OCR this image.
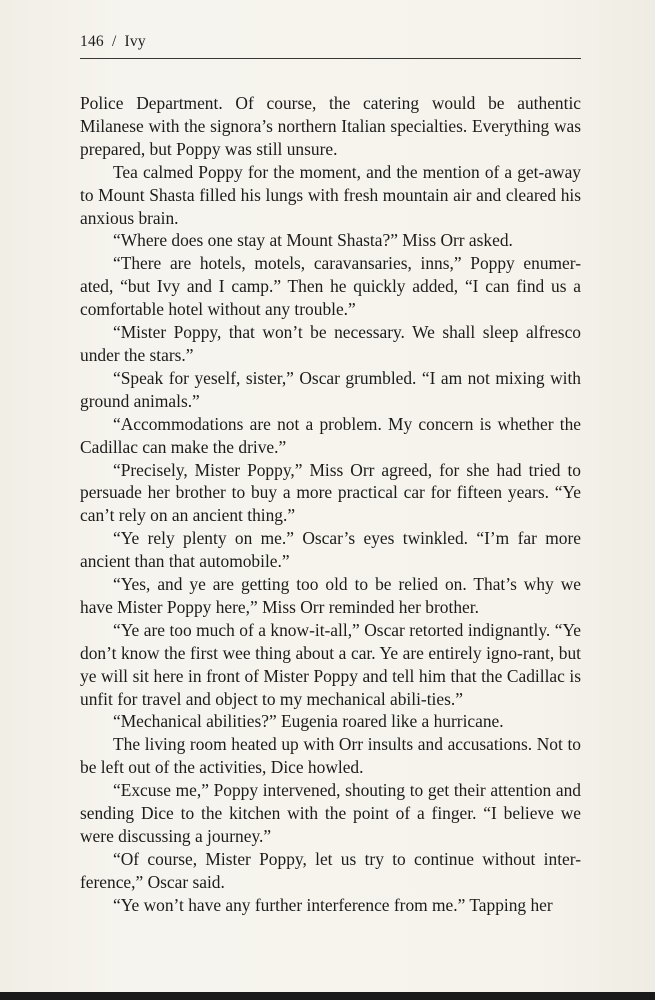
146 / Ivy

Police Department. Of course, the catering would be authentic Milanese with the signora’s northern Italian specialties. Everything was prepared, but Poppy was still unsure.

Tea calmed Poppy for the moment, and the mention of a get-away to Mount Shasta filled his lungs with fresh mountain air and cleared his anxious brain.

“Where does one stay at Mount Shasta?” Miss Orr asked.

“There are hotels, motels, caravansaries, inns,” Poppy enumer-ated, “but Ivy and I camp.” Then he quickly added, “I can find us a comfortable hotel without any trouble.”

“Mister Poppy, that won’t be necessary. We shall sleep alfresco under the stars.”

“Speak for yeself, sister,” Oscar grumbled. “I am not mixing with ground animals.”

“Accommodations are not a problem. My concern is whether the Cadillac can make the drive.”

“Precisely, Mister Poppy,” Miss Orr agreed, for she had tried to persuade her brother to buy a more practical car for fifteen years. “Ye can’t rely on an ancient thing.”

“Ye rely plenty on me.” Oscar’s eyes twinkled. “I’m far more ancient than that automobile.”

“Yes, and ye are getting too old to be relied on. That’s why we have Mister Poppy here,” Miss Orr reminded her brother.

“Ye are too much of a know-it-all,” Oscar retorted indignantly. “Ye don’t know the first wee thing about a car. Ye are entirely igno-rant, but ye will sit here in front of Mister Poppy and tell him that the Cadillac is unfit for travel and object to my mechanical abili-ties.”

“Mechanical abilities?” Eugenia roared like a hurricane.

The living room heated up with Orr insults and accusations. Not to be left out of the activities, Dice howled.

“Excuse me,” Poppy intervened, shouting to get their attention and sending Dice to the kitchen with the point of a finger. “I believe we were discussing a journey.”

“Of course, Mister Poppy, let us try to continue without inter-ference,” Oscar said.

“Ye won’t have any further interference from me.” Tapping her
